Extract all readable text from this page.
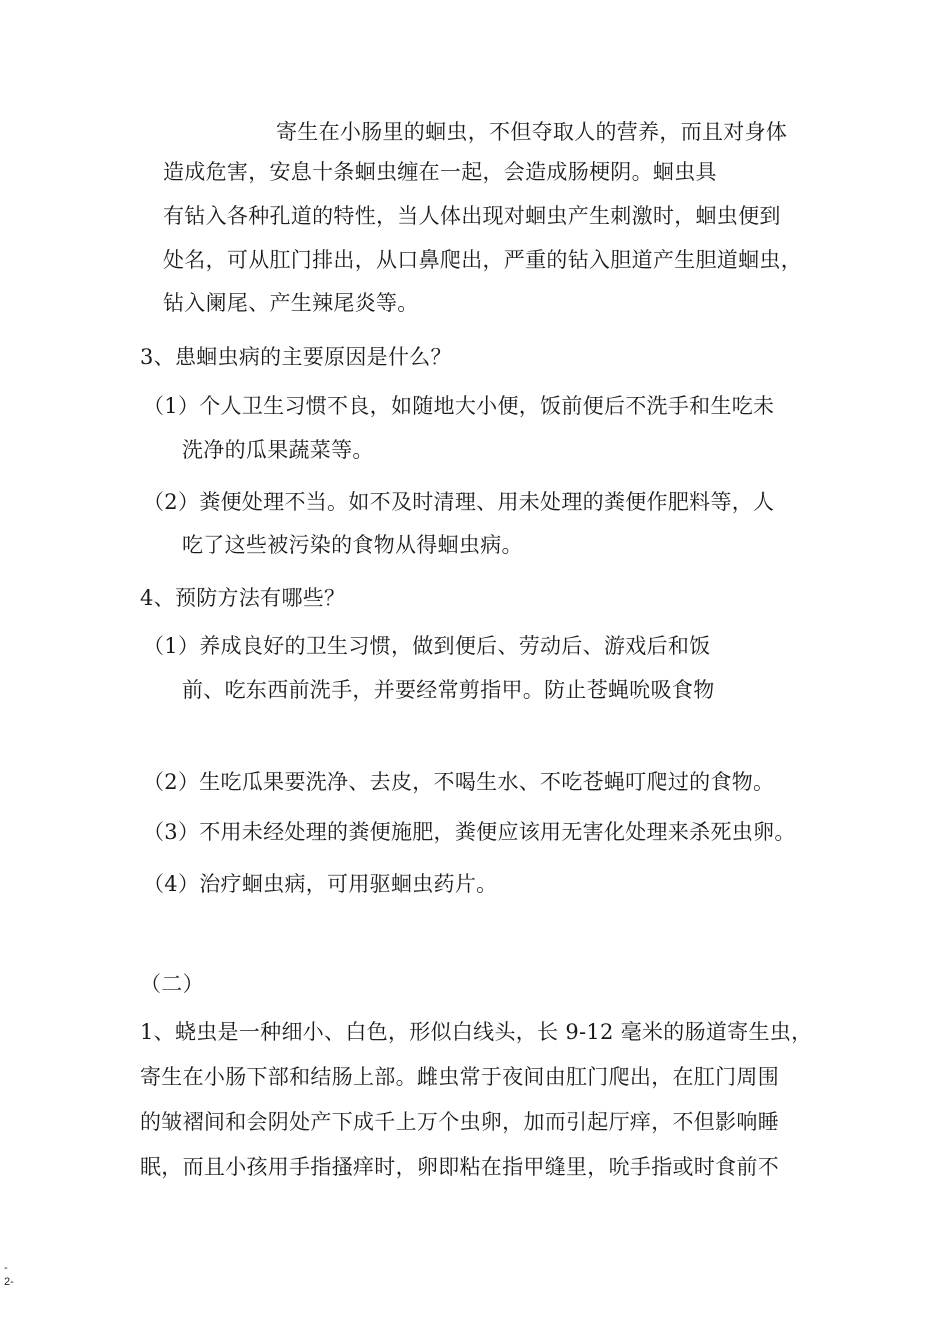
寄生在小肠里的蛔虫，不但夺取人的营养，而且对身体
造成危害，安息十条蛔虫缠在一起，会造成肠梗阴。蛔虫具
有钻入各种孔道的特性，当人体出现对蛔虫产生刺激时，蛔虫便到
处名，可从肛门排出，从口鼻爬出，严重的钻入胆道产生胆道蛔虫，
钻入阑尾、产生辣尾炎等。
3、患蛔虫病的主要原因是什么？
（1）个人卫生习惯不良，如随地大小便，饭前便后不洗手和生吃未
洗净的瓜果蔬菜等。
（2）粪便处理不当。如不及时清理、用未处理的粪便作肥料等，人
吃了这些被污染的食物从得蛔虫病。
4、预防方法有哪些？
（1）养成良好的卫生习惯，做到便后、劳动后、游戏后和饭
前、吃东西前洗手，并要经常剪指甲。防止苍蝇吮吸食物
（2）生吃瓜果要洗净、去皮，不喝生水、不吃苍蝇叮爬过的食物。
（3）不用未经处理的粪便施肥，粪便应该用无害化处理来杀死虫卵。
（4）治疗蛔虫病，可用驱蛔虫药片。
（二）
1、蛲虫是一种细小、白色，形似白线头，长 9-12 毫米的肠道寄生虫，
寄生在小肠下部和结肠上部。雌虫常于夜间由肛门爬出，在肛门周围
的皱褶间和会阴处产下成千上万个虫卵，加而引起厅痒，不但影响睡
眠，而且小孩用手指搔痒时，卵即粘在指甲缝里，吮手指或时食前不
-
2-
